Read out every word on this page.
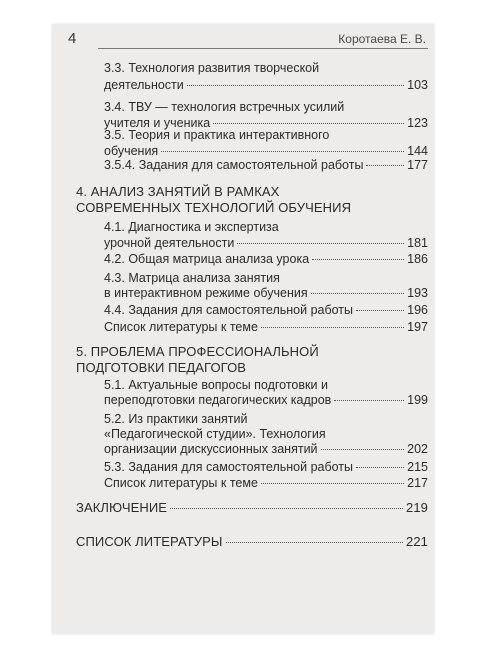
4	Коротаева Е. В.
3.3. Технология развития творческой
деятельности	103
3.4. ТВУ — технология встречных усилий
учителя и ученика	123
3.5. Теория и практика интерактивного
обучения	144
3.5.4. Задания для самостоятельной работы	177
4. АНАЛИЗ ЗАНЯТИЙ В РАМКАХ
СОВРЕМЕННЫХ ТЕХНОЛОГИЙ ОБУЧЕНИЯ
4.1. Диагностика и экспертиза
урочной деятельности	181
4.2. Общая матрица анализа урока	186
4.3. Матрица анализа занятия
в интерактивном режиме обучения	193
4.4. Задания для самостоятельной работы	196
Список литературы к теме	197
5. ПРОБЛЕМА ПРОФЕССИОНАЛЬНОЙ
ПОДГОТОВКИ ПЕДАГОГОВ
5.1. Актуальные вопросы подготовки и
переподготовки педагогических кадров	199
5.2. Из практики занятий
«Педагогической студии». Технология
организации дискуссионных занятий	202
5.3. Задания для самостоятельной работы	215
Список литературы к теме	217
ЗАКЛЮЧЕНИЕ	219
СПИСОК ЛИТЕРАТУРЫ	221
